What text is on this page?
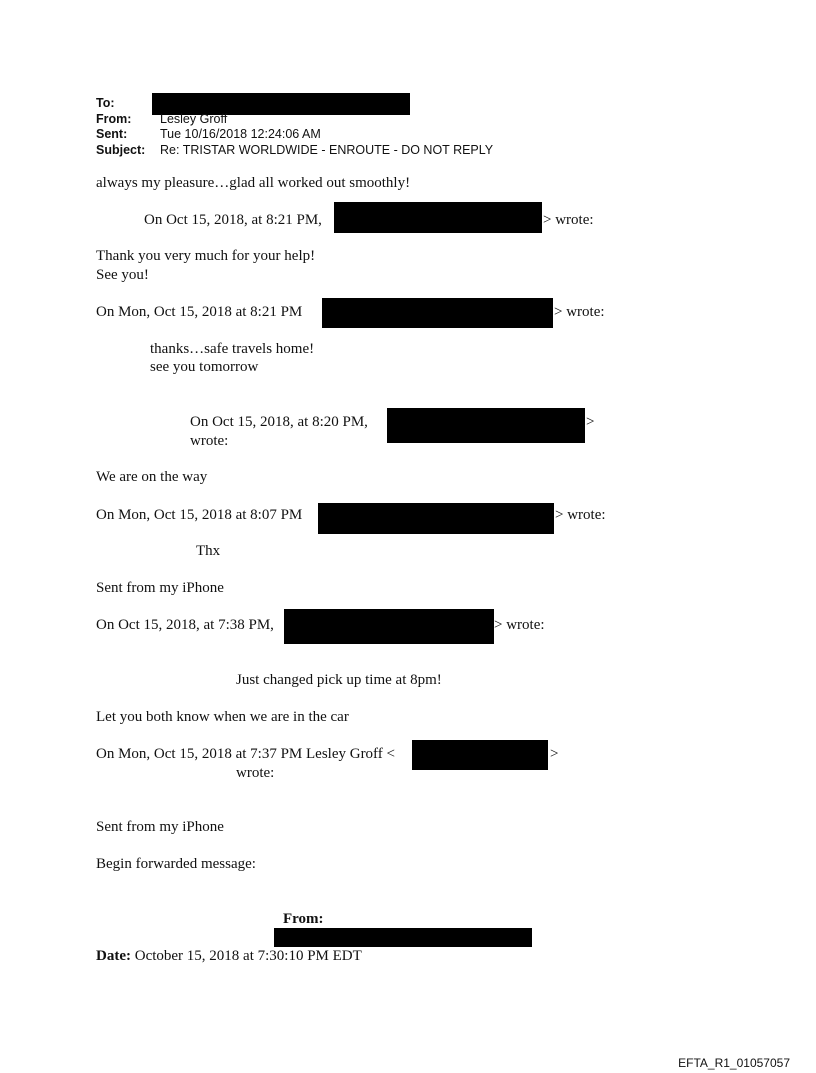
To:
From: Lesley Groff
Sent:	Tue 10/16/2018 12:24:06 AM
Subject: Re: TRISTAR WORLDWIDE - ENROUTE - DO NOT REPLY
always my pleasure…glad all worked out smoothly!
On Oct 15, 2018, at 8:21 PM,	> wrote:
Thank you very much for your help!
See you!
On Mon, Oct 15, 2018 at 8:21 PM	> wrote:
thanks…safe travels home!
see you tomorrow
On Oct 15, 2018, at 8:20 PM,	>
wrote:
We are on the way
On Mon, Oct 15, 2018 at 8:07 PM	> wrote:
Thx
Sent from my iPhone
On Oct 15, 2018, at 7:38 PM,	> wrote:
Just changed pick up time at 8pm!
Let you both know when we are in the car
On Mon, Oct 15, 2018 at 7:37 PM Lesley Groff <	>
wrote:
Sent from my iPhone
Begin forwarded message:
From:
Date: October 15, 2018 at 7:30:10 PM EDT
EFTA_R1_01057057
